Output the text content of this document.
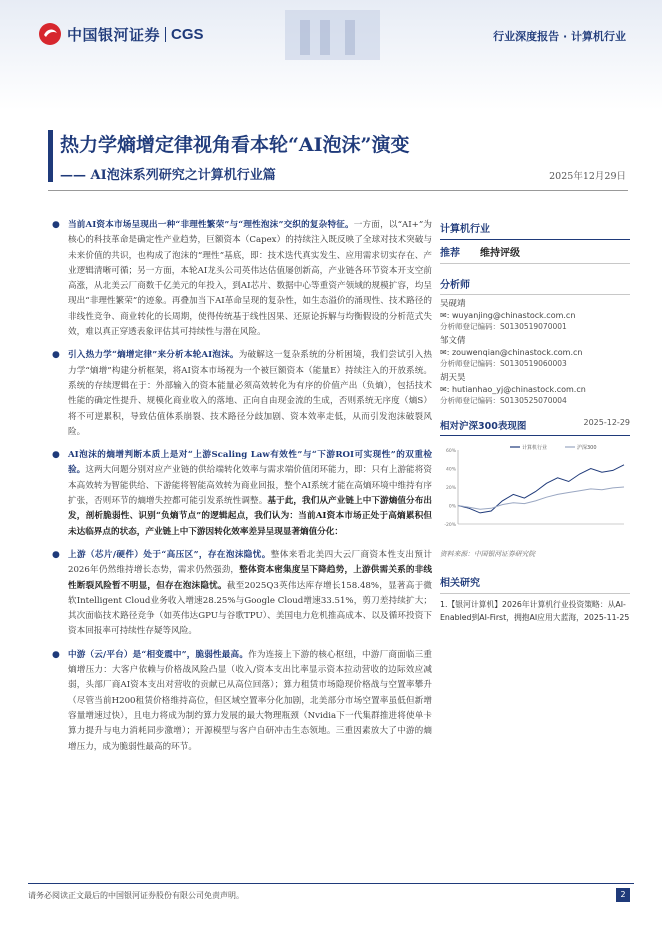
中国银河证券 CGS	行业深度报告 · 计算机行业
热力学熵增定律视角看本轮“AI泡沫”演变
—— AI泡沫系列研究之计算机行业篇	2025年12月29日
● 当前AI资本市场呈现出一种“非理性繁荣”与“理性泡沫”交织的复杂特征。一方面，以“AI+”为核心的科技革命是确定性产业趋势，巨额资本（Capex）的持续注入既反映了全球对技术突破与未来价值的共识，也构成了泡沫的“理性”基底，即：技术迭代真实发生、应用需求切实存在、产业逻辑清晰可循；另一方面，本轮AI龙头公司英伟达估值屡创新高，产业链各环节资本开支空前高涨，从北美云厂商数千亿美元的年投入，到AI芯片、数据中心等重资产领域的规模扩容，均呈现出“非理性繁荣”的迹象。再叠加当下AI革命呈现的复杂性，如生态溢价的涌现性、技术路径的非线性竞争、商业转化的长周期，使得传统基于线性因果、还原论拆解与均衡假设的分析范式失效，难以真正穿透表象评估其可持续性与潜在风险。
● 引入热力学“熵增定律”来分析本轮AI泡沫。为破解这一复杂系统的分析困境，我们尝试引入热力学“熵增”构建分析框架，将AI资本市场视为一个被巨额资本（能量E）持续注入的开放系统。系统的存续逻辑在于：外部输入的资本能量必须高效转化为有序的价值产出（负熵），包括技术性能的确定性提升、规模化商业收入的落地、正向自由现金流的生成，否则系统无序度（熵S）将不可逆累积，导致估值体系崩裂、技术路径分歧加剧、资本效率走低，从而引发泡沫破裂风险。
● AI泡沫的熵增判断本质上是对“上游Scaling Law有效性”与“下游ROI可实现性”的双重检验。这两大问题分别对应产业链的供给端转化效率与需求端价值闭环能力，即：只有上游能将资本高效转为智能供给、下游能将智能高效转为商业回报，整个AI系统才能在高熵环境中维持有序扩张，否则环节的熵增失控都可能引发系统性调整。基于此，我们从产业链上中下游熵值分布出发，剖析脆弱性、识别“负熵节点”的逻辑起点，我们认为：当前AI资本市场正处于高熵累积但未达临界点的状态，产业链上中下游因转化效率差异呈现显著熵值分化：
● 上游（芯片/硬件）处于“高压区”，存在泡沫隐忧。整体来看北美四大云厂商资本性支出预计2026年仍然维持增长态势，需求仍然强劲，整体资本密集度呈下降趋势，上游供需关系的非线性断裂风险暂不明显，但存在泡沫隐忧。截至2025Q3英伟达库存增长158.48%，显著高于微软Intelligent Cloud业务收入增速28.25%与Google Cloud增速33.51%，剪刀差持续扩大；其次面临技术路径竞争（如英伟达GPU与谷歌TPU）、美国电力危机推高成本、以及循环投资下资本回报率可持续性存疑等风险。
● 中游（云/平台）是“相变震中”，脆弱性最高。作为连接上下游的核心枢纽，中游厂商面临三重熵增压力：大客户依赖与价格战风险凸显（收入/资本支出比率显示资本拉动营收的边际效应减弱，头部厂商AI资本支出对营收的贡献已从高位回落）；算力租赁市场隐现价格战与空置率攀升（尽管当前H200租赁价格维持高位，但区域空置率分化加剧，北美部分市场空置率虽低但新增容量增速过快），且电力将成为制约算力发展的最大物理瓶颈（Nvidia下一代集群推进将使单卡算力提升与电力消耗同步激增）；开源模型与客户自研冲击生态领地。三重因素放大了中游的熵增压力，成为脆弱性最高的环节。
计算机行业
推荐 维持评级
分析师
吴砚靖
✉: wuyanjing@chinastock.com.cn
分析师登记编码：S0130519070001
邹文倩
✉: zouwenqian@chinastock.com.cn
分析师登记编码：S0130519060003
胡天昊
✉: hutianhao_yj@chinastock.com.cn
分析师登记编码：S0130525070004
相对沪深300表现图	2025-12-29
计算机行业	沪深300
-20%
0%
20%
40%
60%
资料来源：中国银河证券研究院
相关研究
1.【银河计算机】2026年计算机行业投资策略：从AI-Enabled到AI-First，拥抱AI应用大蓝海，2025-11-25
请务必阅读正文最后的中国银河证券股份有限公司免责声明。	2
